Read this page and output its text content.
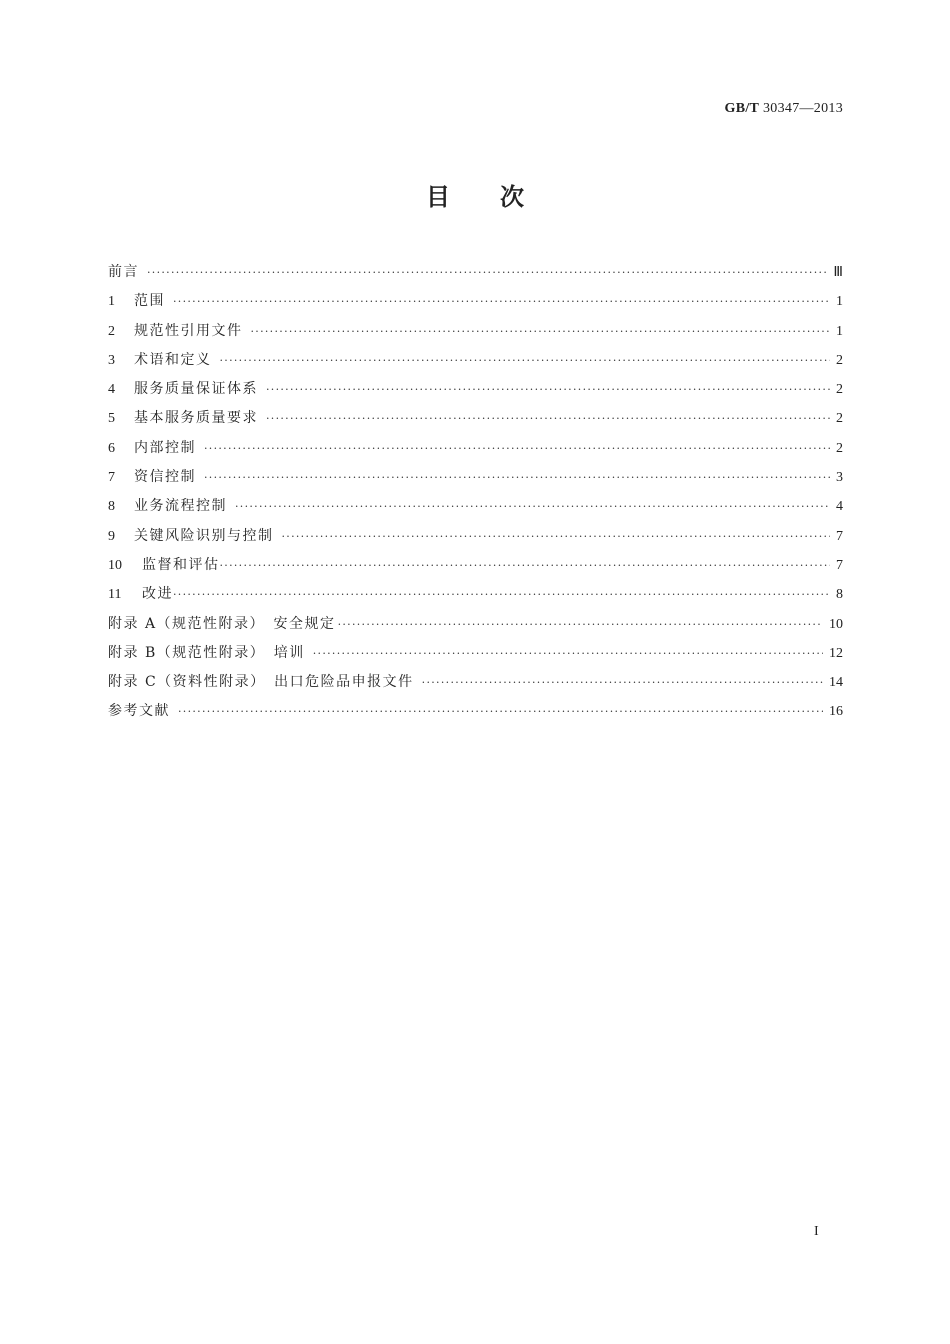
GB/T 30347—2013
目次
前言 ·····	Ⅲ
1	范围 ·····	1
2	规范性引用文件 ·····	1
3	术语和定义 ·····	2
4	服务质量保证体系 ·····	2
5	基本服务质量要求 ·····	2
6	内部控制 ·····	2
7	资信控制 ·····	3
8	业务流程控制 ·····	4
9	关键风险识别与控制 ·····	7
10	监督和评估 ·····	7
11	改进 ·····	8
附录 A（规范性附录）　安全规定 ·····	10
附录 B（规范性附录）　培训 ·····	12
附录 C（资料性附录）　出口危险品申报文件 ·····	14
参考文献 ·····	16
I
